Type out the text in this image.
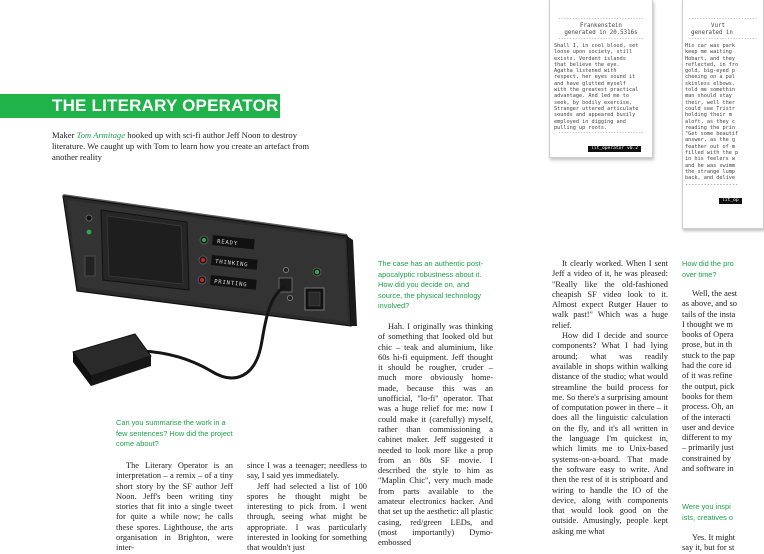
-------------------------------
Frankenstein
generated in 20.5316s
-------------------------------
Shall I, in cool blood, set
loose upon society, still
exists. Verdant islands
that believe the eye.
Agatha listened with
respect, her eyes sound it
and have glutted myself
with the greatest practical
advantage. And led me to
seek, by bodily exercise,
Stranger uttered articulate
sounds and appeared busily
employed in digging and
pulling up roots.
-------------------------------
lit_operator v0.2
-------------------------
Vurt
generated in
-------------------------
His car was park
keep me waiting
Hobart, and they
reflected, in fro
gold, big-eyed p
cheeing on a pal
skinless elbows.
told me somethin
man should stay
their, well ther
could see Tristr
holding their m
aloft, as they c
reading the prin
"Get some beautif
answer, as the g
feather out of m
filled with the p
in his feelers w
and he was swimm
the strange lump
back, and delive
-----------------
lit_op
THE LITERARY OPERATOR
Maker Tom Armitage hooked up with sci-fi author Jeff Noon to destroy literature. We caught up with Tom to learn how you create an artefact from another reality
READY
THINKING
PRINTING
Can you summarise the work in a few sentences? How did the project come about?
The Literary Operator is an interpretation – a remix – of a tiny short story by the SF author Jeff Noon. Jeff's been writing tiny stories that fit into a single tweet for quite a while now; he calls these spores. Lighthouse, the arts organisation in Brighton, were inter-
since I was a teenager; needless to say, I said yes immediately.
Jeff had selected a list of 100 spores he thought might be interesting to pick from. I went through, seeing what might be appropriate. I was particularly interested in looking for something that wouldn't just
The case has an authentic post-apocalyptic robustness about it. How did you decide on, and source, the physical technology involved?
Hah. I originally was thinking of something that looked old but chic – teak and aluminium, like 60s hi-fi equipment. Jeff thought it should be rougher, cruder – much more obviously home-made, because this was an unofficial, "lo-fi" operator. That was a huge relief for me: now I could make it (carefully) myself, rather than commissioning a cabinet maker. Jeff suggested it needed to look more like a prop from an 80s SF movie. I described the style to him as "Maplin Chic", very much made from parts available to the amateur electronics hacker. And that set up the aesthetic: all plastic casing, red/green LEDs, and (most importantly) Dymo-embossed
It clearly worked. When I sent Jeff a video of it, he was pleased: "Really like the old-fashioned cheapish SF video look to it. Almost expect Rutger Hauer to walk past!" Which was a huge relief.
How did I decide and source components? What I had lying around; what was readily available in shops within walking distance of the studio; what would streamline the build process for me. So there's a surprising amount of computation power in there – it does all the linguistic calculation on the fly, and it's all written in the language I'm quickest in, which limits me to Unix-based systems-on-a-board. That made the software easy to write. And then the rest of it is stripboard and wiring to handle the IO of the device, along with components that would look good on the outside. Amusingly, people kept asking me what
How did the pro
over time?
Well, the aest
as above, and so
tails of the insta
I thought we m
books of Opera
prose, but in th
stuck to the pap
had the core id
of it was refine
the output, pick
books for them
process. Oh, an
of the interacti
user and device
different to my
– primarily just
constrained by
and software in
Were you inspi
ists, creatives o
Yes. It might
say it, but for st
